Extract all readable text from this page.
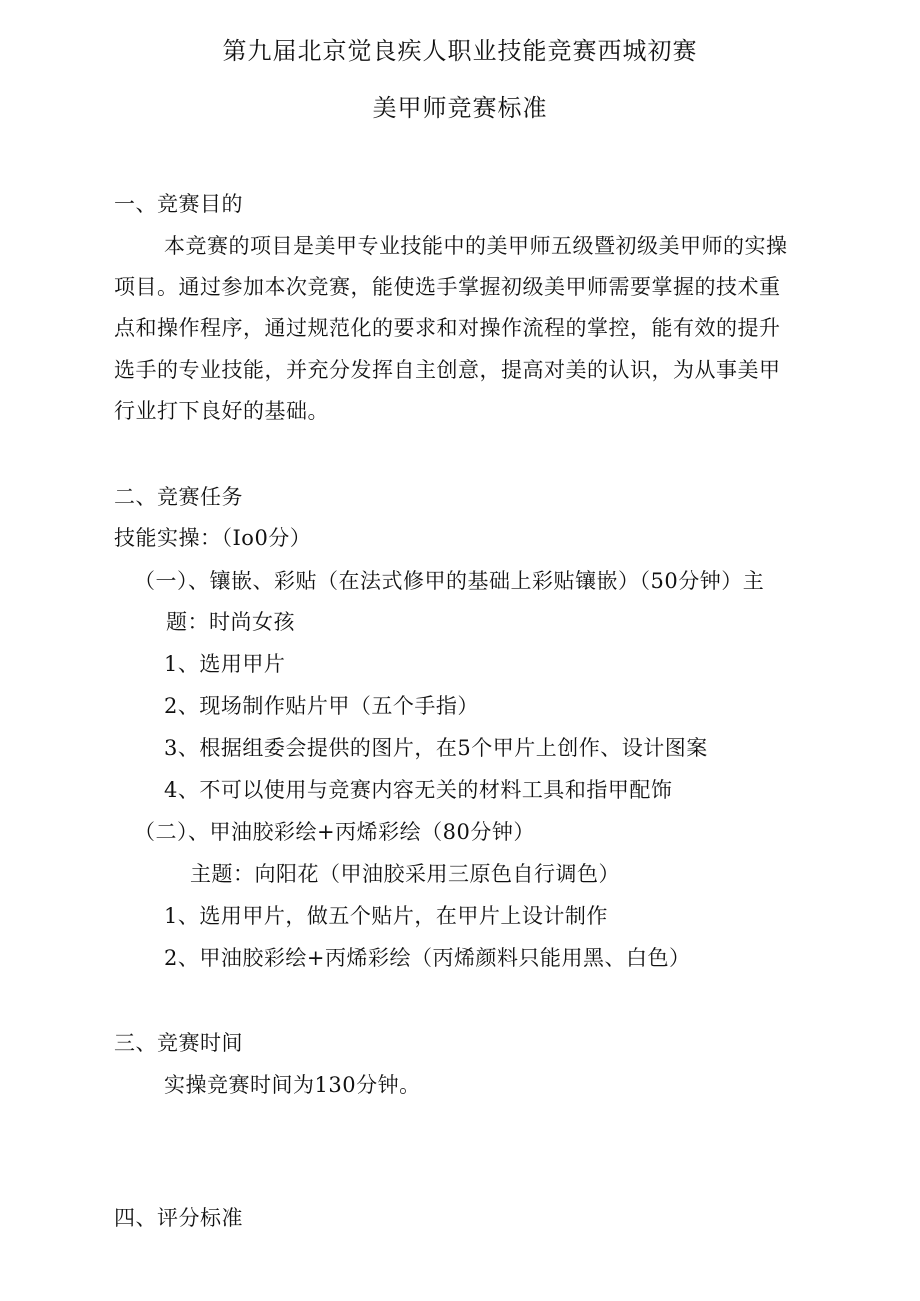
第九届北京觉良疾人职业技能竞赛西城初赛
美甲师竞赛标准
一、竞赛目的
本竞赛的项目是美甲专业技能中的美甲师五级暨初级美甲师的实操
项目。通过参加本次竞赛，能使选手掌握初级美甲师需要掌握的技术重
点和操作程序，通过规范化的要求和对操作流程的掌控，能有效的提升
选手的专业技能，并充分发挥自主创意，提高对美的认识，为从事美甲
行业打下良好的基础。
二、竞赛任务
技能实操：（Io0分）
（一）、镶嵌、彩贴（在法式修甲的基础上彩贴镶嵌）（50分钟）主
题：时尚女孩
1、选用甲片
2、现场制作贴片甲（五个手指）
3、根据组委会提供的图片，在5个甲片上创作、设计图案
4、不可以使用与竞赛内容无关的材料工具和指甲配饰
（二）、甲油胶彩绘+丙烯彩绘（80分钟）
主题：向阳花（甲油胶采用三原色自行调色）
1、选用甲片，做五个贴片，在甲片上设计制作
2、甲油胶彩绘+丙烯彩绘（丙烯颜料只能用黑、白色）
三、竞赛时间
实操竞赛时间为130分钟。
四、评分标准
